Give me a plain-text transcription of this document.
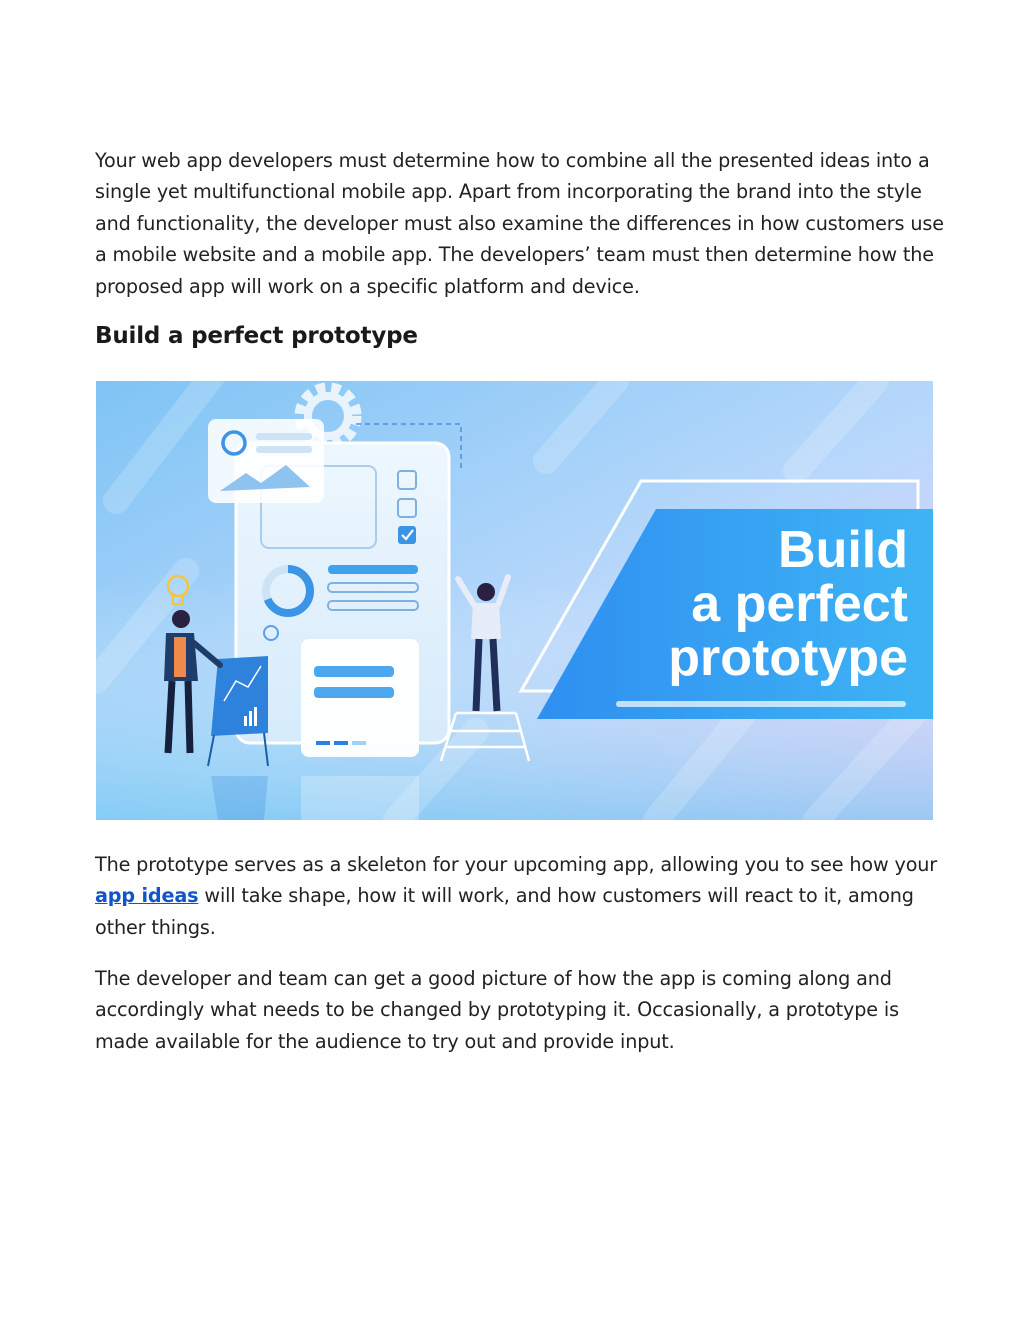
Your web app developers must determine how to combine all the presented ideas into a single yet multifunctional mobile app. Apart from incorporating the brand into the style and functionality, the developer must also examine the differences in how customers use a mobile website and a mobile app. The developers’ team must then determine how the proposed app will work on a specific platform and device.

Build a perfect prototype
Build
a perfect
prototype

The prototype serves as a skeleton for your upcoming app, allowing you to see how your app ideas will take shape, how it will work, and how customers will react to it, among other things.

The developer and team can get a good picture of how the app is coming along and accordingly what needs to be changed by prototyping it. Occasionally, a prototype is made available for the audience to try out and provide input.
